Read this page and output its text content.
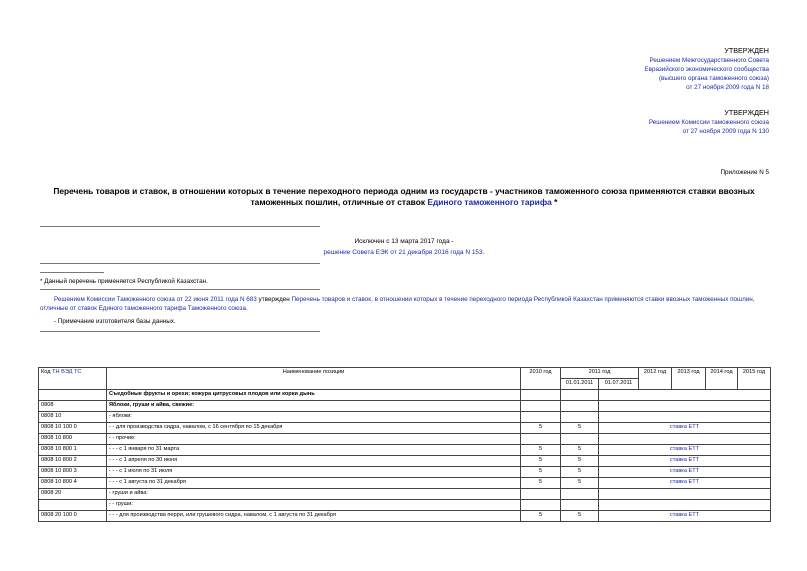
УТВЕРЖДЕН
Решением Межгосударственного Совета
Евразийского экономического сообщества
(высшего органа таможенного союза)
от 27 ноября 2009 года N 18
УТВЕРЖДЕН
Решением Комиссии таможенного союза
от 27 ноября 2009 года N 130
Приложение N 5
Перечень товаров и ставок, в отношении которых в течение переходного периода одним из государств - участников таможенного союза применяются ставки ввозных таможенных пошлин, отличные от ставок Единого таможенного тарифа *
Исключен с 13 марта 2017 года -
решение Совета ЕЭК от 21 декабря 2016 года N 153.
* Данный перечень применяется Республикой Казахстан.
Решением Комиссии Таможенного союза от 22 июня 2011 года N 683 утвержден Перечень товаров и ставок, в отношении которых в течение переходного периода Республикой Казахстан применяются ставки ввозных таможенных пошлин, отличные от ставок Единого таможенного тарифа Таможенного союза.
- Примечание изготовителя базы данных.
Код ТН ВЭД ТС	Наименование позиции	2010 год	2011 год		2012 год	2013 год	2014 год	2015 год
			01.01.2011	01.07.2011				
	Съедобные фрукты и орехи; кожура цитрусовых плодов или корки дынь							
0808	Яблоки, груши и айва, свежие:							
0808 10	- яблоки:							
0808 10 100 0	- - для производства сидра, навалом, с 16 сентября по 15 декабря	5	5	ставка ЕТТ				
0808 10 800	- - прочие:							
0808 10 800 1	- - - с 1 января по 31 марта	5	5	ставка ЕТТ				
0808 10 800 2	- - - с 1 апреля по 30 июня	5	5	ставка ЕТТ				
0808 10 800 3	- - - с 1 июля по 31 июля	5	5	ставка ЕТТ				
0808 10 800 4	- - - с 1 августа по 31 декабря	5	5	ставка ЕТТ				
0808 20	- груши и айва:							
	- - груши:							
0808 20 100 0	- - - для производства перри, или грушевого сидра, навалом, с 1 августа по 31 декабря	5	5	ставка ЕТТ				
